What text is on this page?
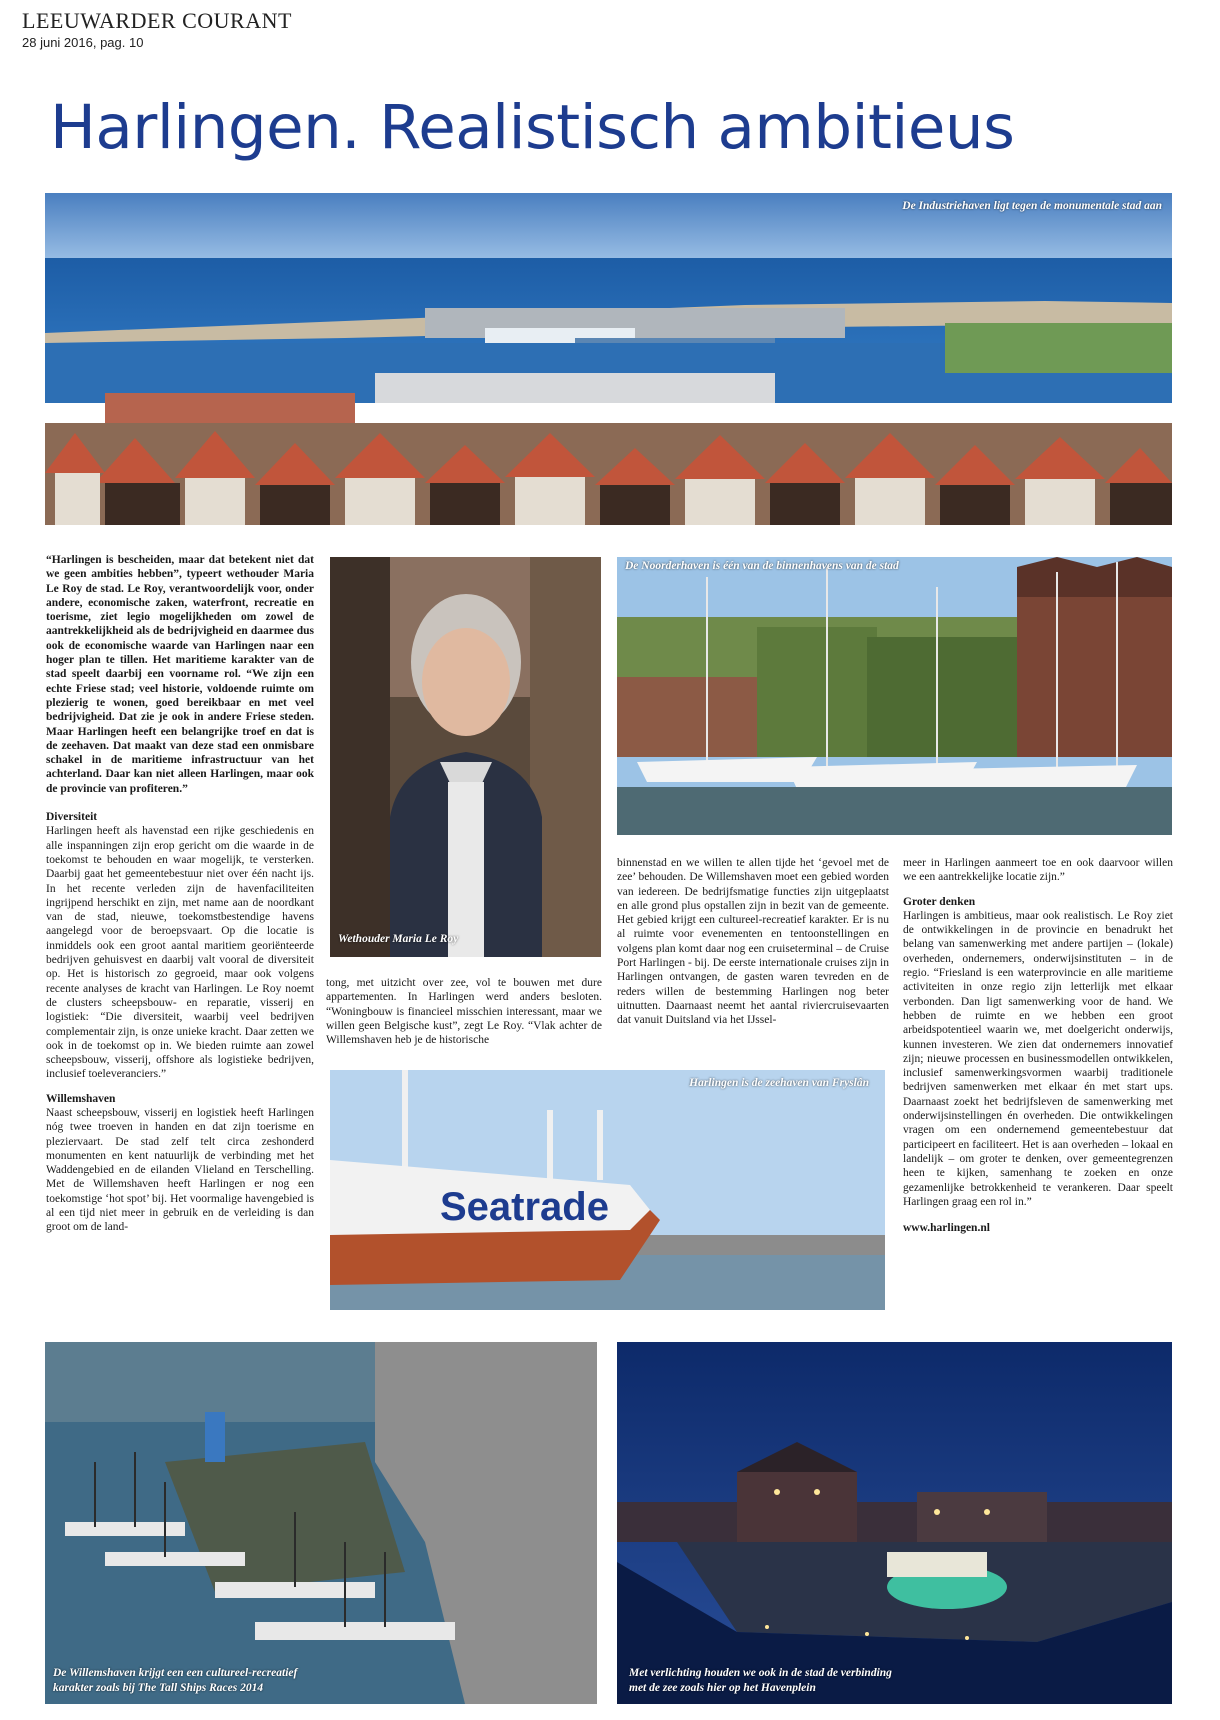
LEEUWARDER COURANT
28 juni 2016, pag. 10
Harlingen. Realistisch ambitieus
De Industriehaven ligt tegen de monumentale stad aan

“Harlingen is bescheiden, maar dat betekent niet dat we geen ambities hebben”, typeert wethouder Maria Le Roy de stad. Le Roy, verantwoordelijk voor, onder andere, economische zaken, waterfront, recreatie en toerisme, ziet legio mogelijkheden om zowel de aantrekkelijkheid als de bedrijvigheid en daarmee dus ook de economische waarde van Harlingen naar een hoger plan te tillen. Het maritieme karakter van de stad speelt daarbij een voorname rol. “We zijn een echte Friese stad; veel historie, voldoende ruimte om plezierig te wonen, goed bereikbaar en met veel bedrijvigheid. Dat zie je ook in andere Friese steden. Maar Harlingen heeft een belangrijke troef en dat is de zeehaven. Dat maakt van deze stad een onmisbare schakel in de maritieme infrastructuur van het achterland. Daar kan niet alleen Harlingen, maar ook de provincie van profiteren.”

Diversiteit

Harlingen heeft als havenstad een rijke geschiedenis en alle inspanningen zijn erop gericht om die waarde in de toekomst te behouden en waar mogelijk, te versterken. Daarbij gaat het gemeentebestuur niet over één nacht ijs. In het recente verleden zijn de havenfaciliteiten ingrijpend herschikt en zijn, met name aan de noordkant van de stad, nieuwe, toekomstbestendige havens aangelegd voor de beroepsvaart. Op die locatie is inmiddels ook een groot aantal maritiem georiënteerde bedrijven gehuisvest en daarbij valt vooral de diversiteit op. Het is historisch zo gegroeid, maar ook volgens recente analyses de kracht van Harlingen. Le Roy noemt de clusters scheepsbouw- en reparatie, visserij en logistiek: “Die diversiteit, waarbij veel bedrijven complementair zijn, is onze unieke kracht. Daar zetten we ook in de toekomst op in. We bieden ruimte aan zowel scheepsbouw, visserij, offshore als logistieke bedrijven, inclusief toeleveranciers.”

Willemshaven

Naast scheepsbouw, visserij en logistiek heeft Harlingen nóg twee troeven in handen en dat zijn toerisme en pleziervaart. De stad zelf telt circa zeshonderd monumenten en kent natuurlijk de verbinding met het Waddengebied en de eilanden Vlieland en Terschelling. Met de Willemshaven heeft Harlingen er nog een toekomstige ‘hot spot’ bij. Het voormalige havengebied is al een tijd niet meer in gebruik en de verleiding is dan groot om de land-

Wethouder Maria Le Roy
De Noorderhaven is één van de binnenhavens van de stad

tong, met uitzicht over zee, vol te bouwen met dure appartementen. In Harlingen werd anders besloten. “Woningbouw is financieel misschien interessant, maar we willen geen Belgische kust”, zegt Le Roy. “Vlak achter de Willemshaven heb je de historische

binnenstad en we willen te allen tijde het ‘gevoel met de zee’ behouden. De Willemshaven moet een gebied worden van iedereen. De bedrijfsmatige functies zijn uitgeplaatst en alle grond plus opstallen zijn in bezit van de gemeente. Het gebied krijgt een cultureel-recreatief karakter. Er is nu al ruimte voor evenementen en tentoonstellingen en volgens plan komt daar nog een cruiseterminal – de Cruise Port Harlingen - bij. De eerste internationale cruises zijn in Harlingen ontvangen, de gasten waren tevreden en de reders willen de bestemming Harlingen nog beter uitnutten. Daarnaast neemt het aantal riviercruisevaarten dat vanuit Duitsland via het IJssel-

meer in Harlingen aanmeert toe en ook daarvoor willen we een aantrekkelijke locatie zijn.”

Groter denken

Harlingen is ambitieus, maar ook realistisch. Le Roy ziet de ontwikkelingen in de provincie en benadrukt het belang van samenwerking met andere partijen – (lokale) overheden, ondernemers, onderwijsinstituten – in de regio. “Friesland is een waterprovincie en alle maritieme activiteiten in onze regio zijn letterlijk met elkaar verbonden. Dan ligt samenwerking voor de hand. We hebben de ruimte en we hebben een groot arbeidspotentieel waarin we, met doelgericht onderwijs, kunnen investeren. We zien dat ondernemers innovatief zijn; nieuwe processen en businessmodellen ontwikkelen, inclusief samenwerkingsvormen waarbij traditionele bedrijven samenwerken met elkaar én met start ups. Daarnaast zoekt het bedrijfsleven de samenwerking met onderwijsinstellingen én overheden. Die ontwikkelingen vragen om een ondernemend gemeentebestuur dat participeert en faciliteert. Het is aan overheden – lokaal en landelijk – om groter te denken, over gemeentegrenzen heen te kijken, samenhang te zoeken en onze gezamenlijke betrokkenheid te verankeren. Daar speelt Harlingen graag een rol in.”

www.harlingen.nl

Seatrade
Harlingen is de zeehaven van Fryslân
De Willemshaven krijgt een een cultureel-recreatief
karakter zoals bij The Tall Ships Races 2014
Met verlichting houden we ook in de stad de verbinding
met de zee zoals hier op het Havenplein
